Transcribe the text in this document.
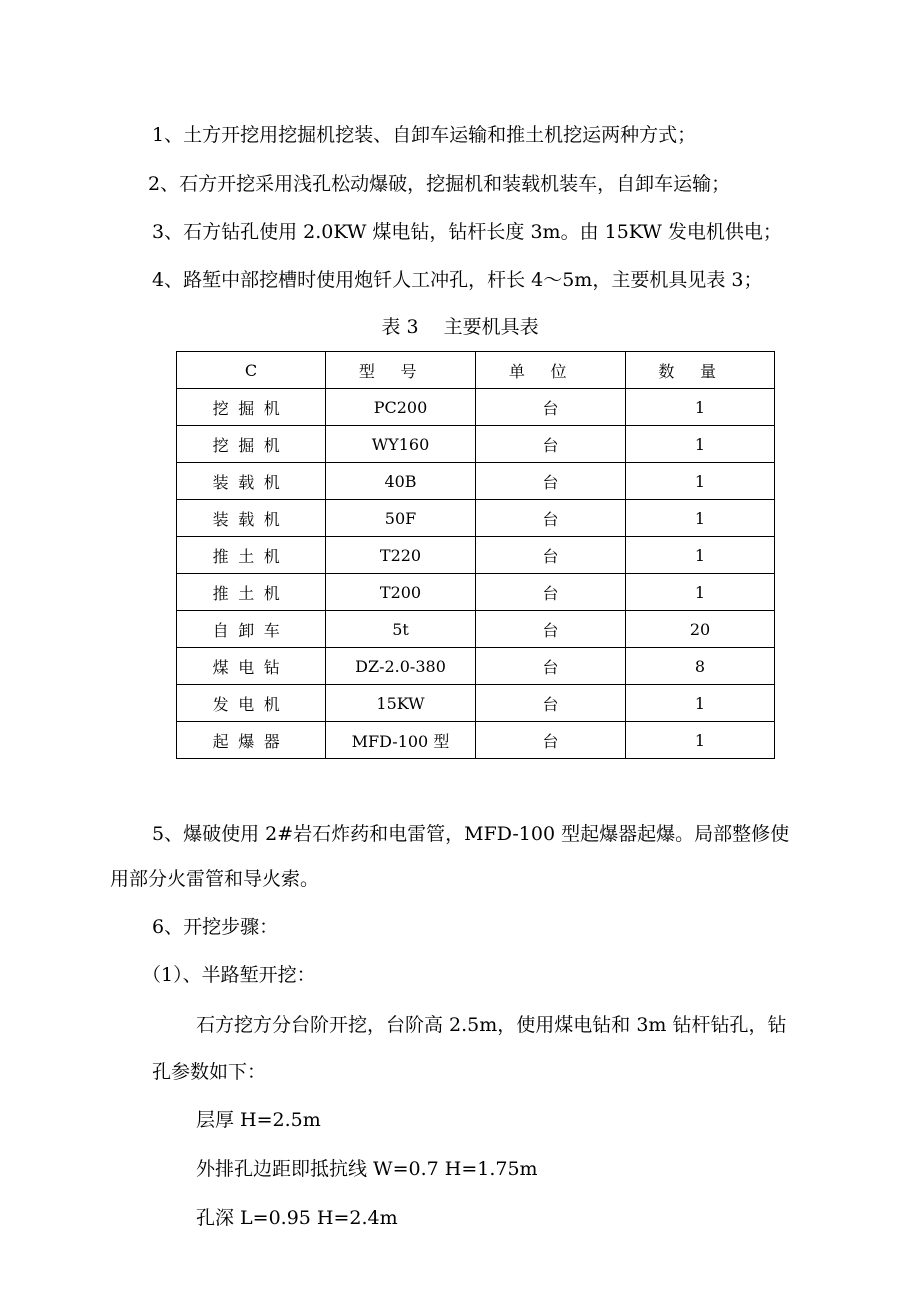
1、土方开挖用挖掘机挖装、自卸车运输和推土机挖运两种方式；

2、石方开挖采用浅孔松动爆破，挖掘机和装载机装车，自卸车运输；

3、石方钻孔使用 2.0KW 煤电钻，钻杆长度 3m。由 15KW 发电机供电；

4、路堑中部挖槽时使用炮钎人工冲孔，杆长 4～5m，主要机具见表 3；

表 3　 主要机具表
C	型号	单位	数量
挖掘机	PC200	台	1
挖掘机	WY160	台	1
装载机	40B	台	1
装载机	50F	台	1
推土机	T220	台	1
推土机	T200	台	1
自卸车	5t	台	20
煤电钻	DZ-2.0-380	台	8
发电机	15KW	台	1
起爆器	MFD-100 型	台	1

5、爆破使用 2#岩石炸药和电雷管，MFD-100 型起爆器起爆。局部整修使

用部分火雷管和导火索。

6、开挖步骤：

（1）、半路堑开挖：

石方挖方分台阶开挖，台阶高 2.5m，使用煤电钻和 3m 钻杆钻孔，钻

孔参数如下：

层厚 H=2.5m

外排孔边距即抵抗线 W=0.7 H=1.75m

孔深 L=0.95 H=2.4m
